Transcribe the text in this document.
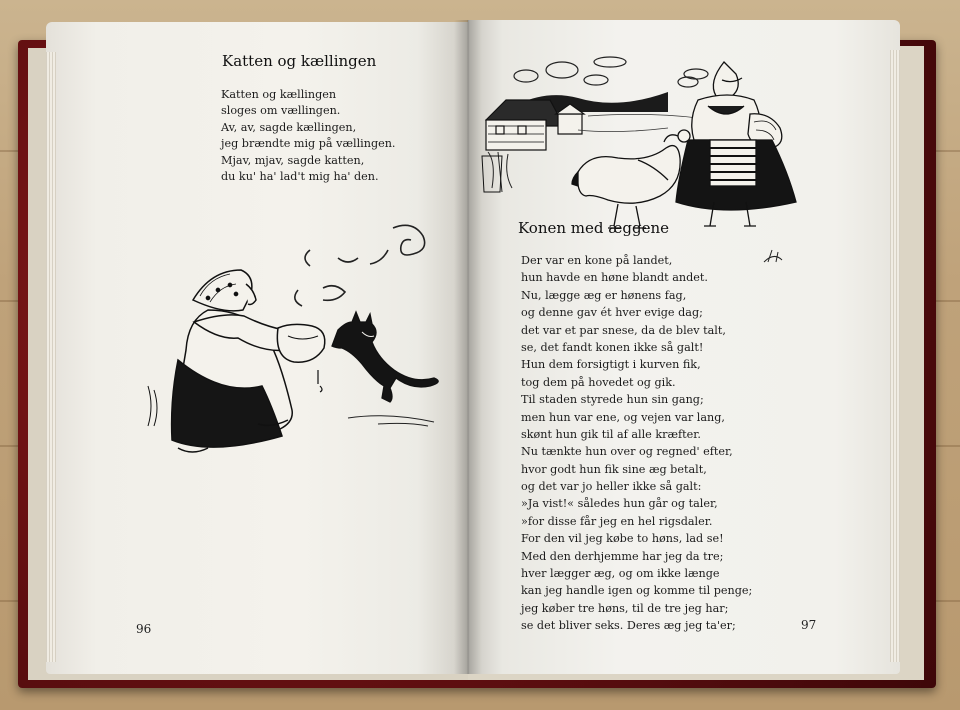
Katten og kællingen
Katten og kællingen
sloges om vællingen.
Av, av, sagde kællingen,
jeg brændte mig på vællingen.
Mjav, mjav, sagde katten,
du ku' ha' lad't mig ha' den.
96
Konen med æggene
Der var en kone på landet,
hun havde en høne blandt andet.
Nu, lægge æg er hønens fag,
og denne gav ét hver evige dag;
det var et par snese, da de blev talt,
se, det fandt konen ikke så galt!
Hun dem forsigtigt i kurven fik,
tog dem på hovedet og gik.
Til staden styrede hun sin gang;
men hun var ene, og vejen var lang,
skønt hun gik til af alle kræfter.
Nu tænkte hun over og regned' efter,
hvor godt hun fik sine æg betalt,
og det var jo heller ikke så galt:
»Ja vist!« således hun går og taler,
»for disse får jeg en hel rigsdaler.
For den vil jeg købe to høns, lad se!
Med den derhjemme har jeg da tre;
hver lægger æg, og om ikke længe
kan jeg handle igen og komme til penge;
jeg køber tre høns, til de tre jeg har;
se det bliver seks. Deres æg jeg ta'er;	97
